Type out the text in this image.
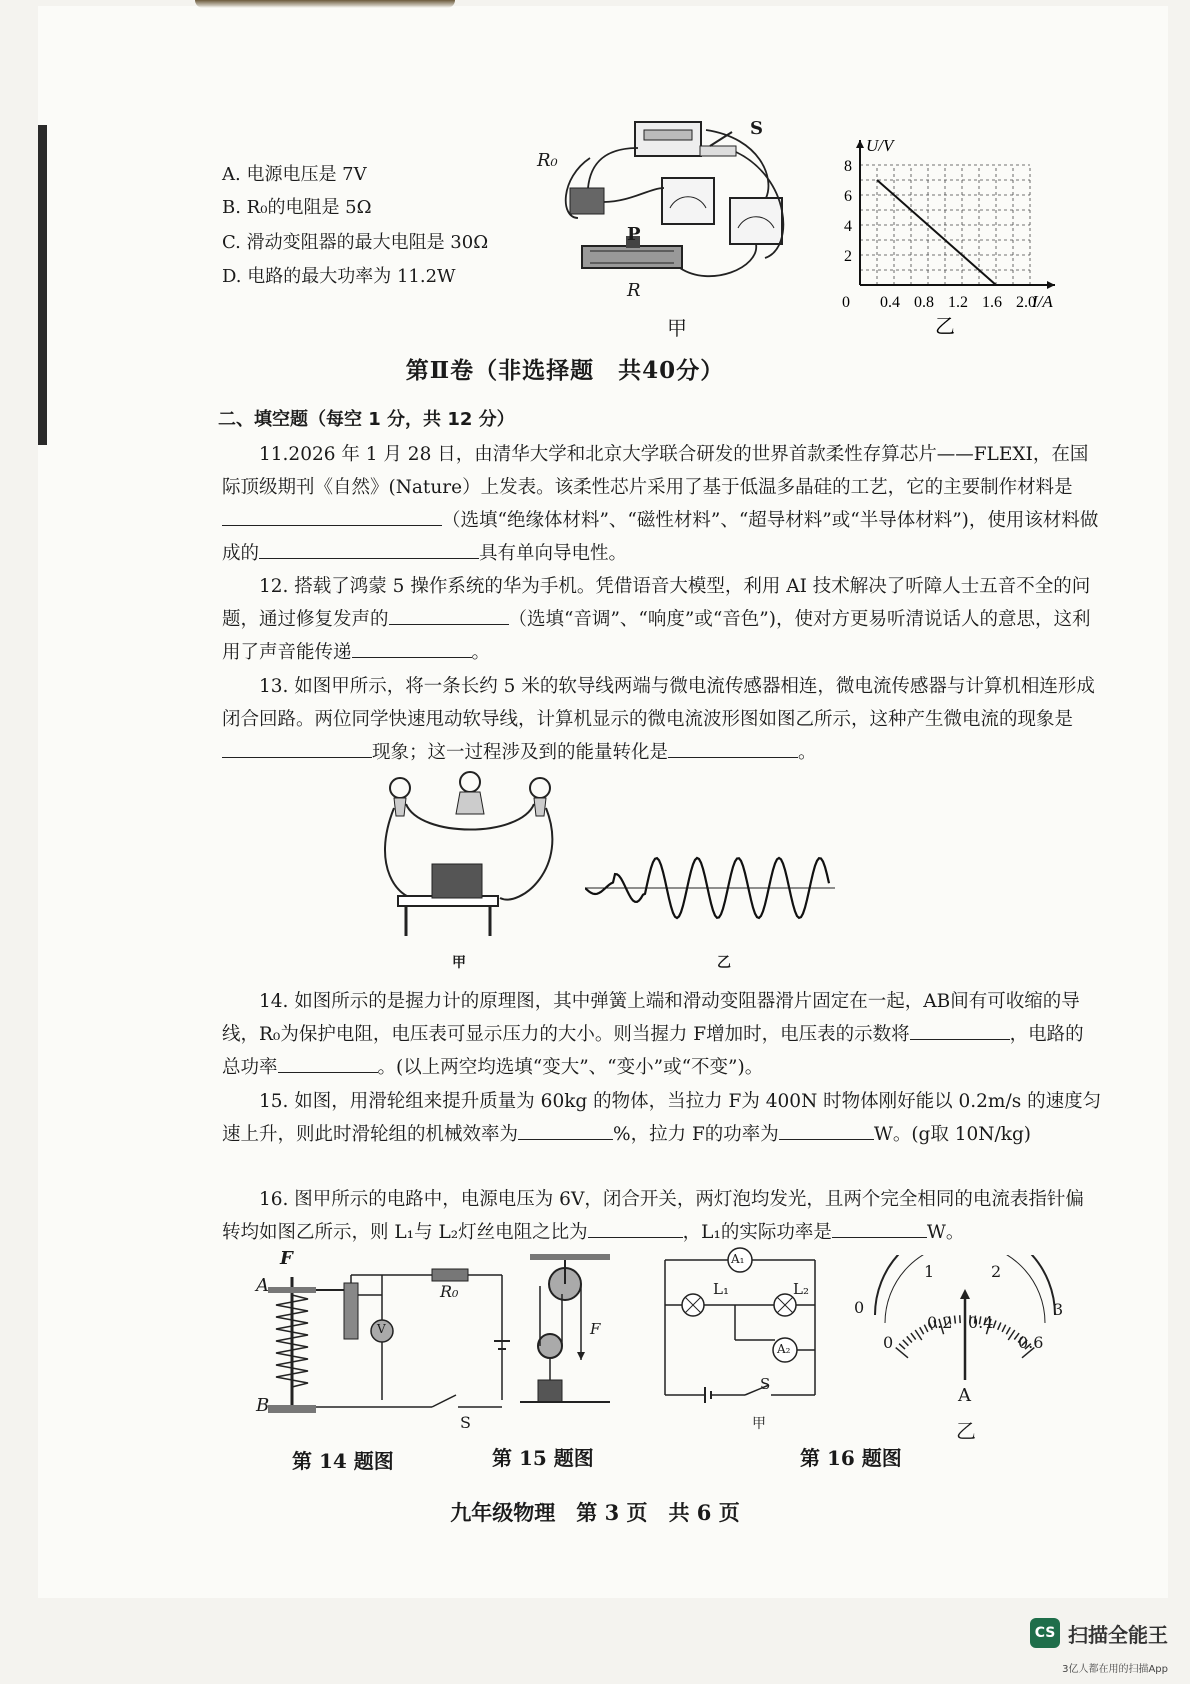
A. 电源电压是 7V
B. R₀的电阻是 5Ω
C. 滑动变阻器的最大电阻是 30Ω
D. 电路的最大功率为 11.2W
R₀
P
R
S
甲
2
4
6
8
0.4 0.8 1.2 1.6 2.0
0
U/V
I/A
乙
第Ⅱ卷（非选择题　共40分）
二、填空题（每空 1 分，共 12 分）

11.2026 年 1 月 28 日，由清华大学和北京大学联合研发的世界首款柔性存算芯片——FLEXI，在国际顶级期刊《自然》(Nature）上发表。该柔性芯片采用了基于低温多晶硅的工艺，它的主要制作材料是（选填“绝缘体材料”、“磁性材料”、“超导材料”或“半导体材料”)，使用该材料做成的	具有单向导电性。

12. 搭载了鸿蒙 5 操作系统的华为手机。凭借语音大模型，利用 AI 技术解决了听障人士五音不全的问题，通过修复发声的	（选填“音调”、“响度”或“音色”)，使对方更易听清说话人的意思，这利用了声音能传递	。

13. 如图甲所示，将一条长约 5 米的软导线两端与微电流传感器相连，微电流传感器与计算机相连形成闭合回路。两位同学快速甩动软导线，计算机显示的微电流波形图如图乙所示，这种产生微电流的现象是现象；这一过程涉及到的能量转化是	。

甲	乙

14. 如图所示的是握力计的原理图，其中弹簧上端和滑动变阻器滑片固定在一起，AB间有可收缩的导线，R₀为保护电阻，电压表可显示压力的大小。则当握力 F增加时，电压表的示数将	，电路的总功率	。(以上两空均选填“变大”、“变小”或“不变”)。

15. 如图，用滑轮组来提升质量为 60kg 的物体，当拉力 F为 400N 时物体刚好能以 0.2m/s 的速度匀速上升，则此时滑轮组的机械效率为	%，拉力 F的功率为	W。(g取 10N/kg)

16. 图甲所示的电路中，电源电压为 6V，闭合开关，两灯泡均发光，且两个完全相同的电流表指针偏转均如图乙所示，则 L₁与 L₂灯丝电阻之比为	，L₁的实际功率是	W。

F
A
B
R₀
V
S
第 14 题图
F
第 15 题图
A₁
L₁	L₂
A₂
S
甲
第 16 题图
0
1	2
3
0
0.2 0.4
0.6
A
乙
九年级物理　第 3 页　共 6 页
CS 扫描全能王
3亿人都在用的扫描App
